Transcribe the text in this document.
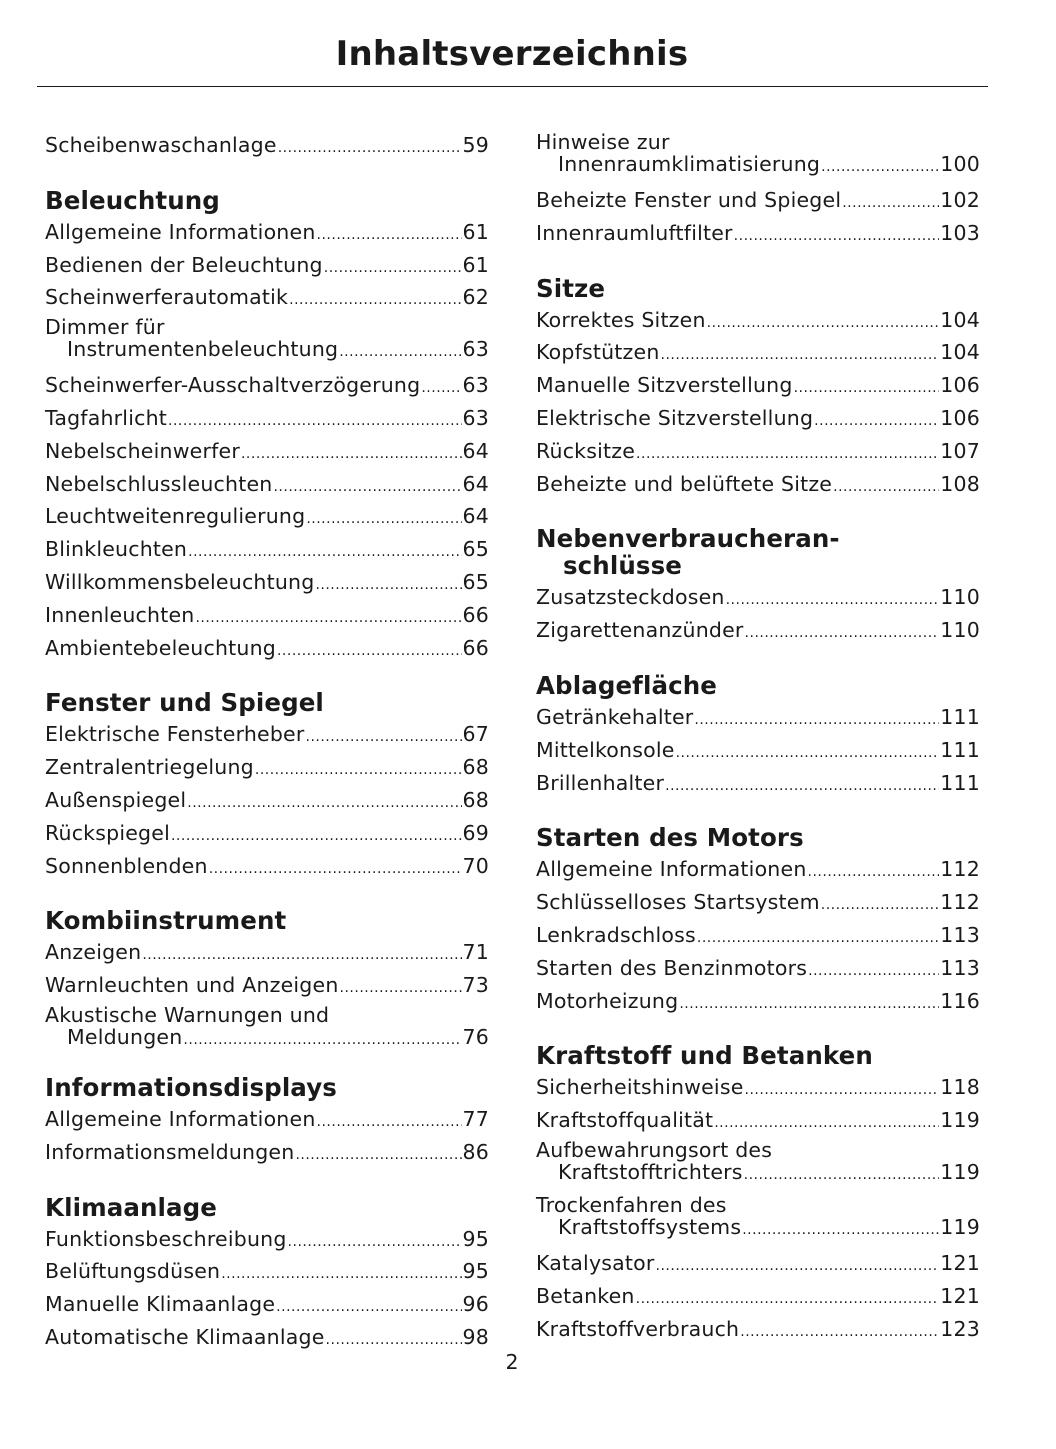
Inhaltsverzeichnis
Scheibenwaschanlage .....	59
Beleuchtung
Allgemeine Informationen .....	61
Bedienen der Beleuchtung .....	61
Scheinwerferautomatik .....	62
Dimmer für
Instrumentenbeleuchtung .....	63
Scheinwerfer-Ausschaltverzögerung ..... 63
Tagfahrlicht .....	63
Nebelscheinwerfer .....	64
Nebelschlussleuchten .....	64
Leuchtweitenregulierung .....	64
Blinkleuchten .....	65
Willkommensbeleuchtung .....	65
Innenleuchten .....	66
Ambientebeleuchtung .....	66
Fenster und Spiegel
Elektrische Fensterheber .....	67
Zentralentriegelung .....	68
Außenspiegel .....	68
Rückspiegel .....	69
Sonnenblenden .....	70
Kombiinstrument
Anzeigen .....	71
Warnleuchten und Anzeigen .....	73
Akustische Warnungen und
Meldungen .....	76
Informationsdisplays
Allgemeine Informationen .....	77
Informationsmeldungen .....	86
Klimaanlage
Funktionsbeschreibung .....	95
Belüftungsdüsen .....	95
Manuelle Klimaanlage .....	96
Automatische Klimaanlage .....	98
Hinweise zur
Innenraumklimatisierung .....	100
Beheizte Fenster und Spiegel .....	102
Innenraumluftfilter .....	103
Sitze
Korrektes Sitzen .....	104
Kopfstützen .....	104
Manuelle Sitzverstellung .....	106
Elektrische Sitzverstellung .....	106
Rücksitze .....	107
Beheizte und belüftete Sitze .....	108
Nebenverbraucheran-
schlüsse
Zusatzsteckdosen .....	110
Zigarettenanzünder .....	110
Ablagefläche
Getränkehalter .....	111
Mittelkonsole .....	111
Brillenhalter .....	111
Starten des Motors
Allgemeine Informationen .....	112
Schlüsselloses Startsystem .....	112
Lenkradschloss .....	113
Starten des Benzinmotors .....	113
Motorheizung .....	116
Kraftstoff und Betanken
Sicherheitshinweise .....	118
Kraftstoffqualität .....	119
Aufbewahrungsort des
Kraftstofftrichters .....	119
Trockenfahren des
Kraftstoffsystems .....	119
Katalysator .....	121
Betanken .....	121
Kraftstoffverbrauch .....	123
2
